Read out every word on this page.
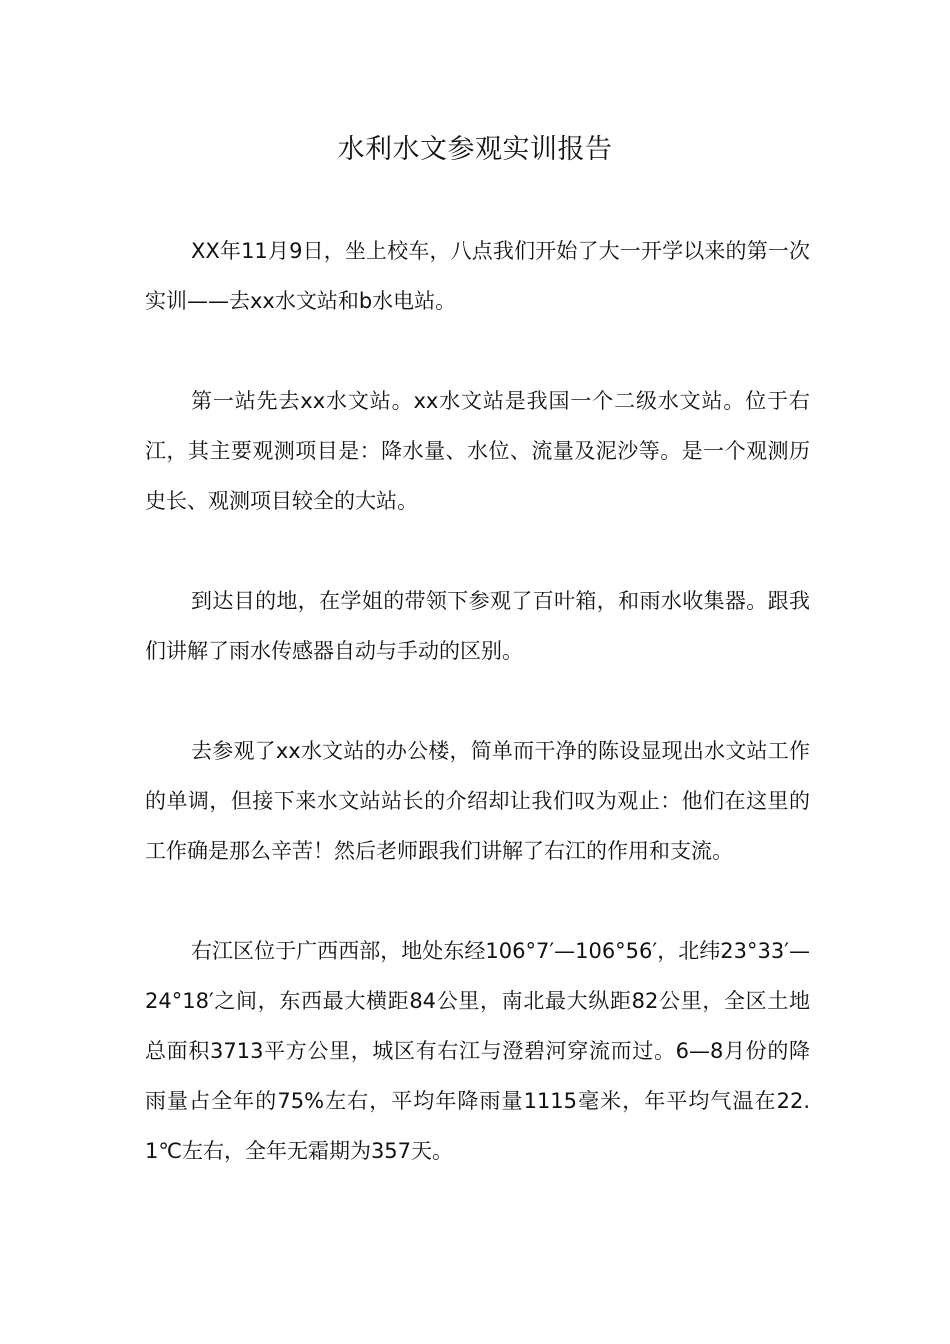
水利水文参观实训报告

XX年11月9日，坐上校车，八点我们开始了大一开学以来的第一次实训——去xx水文站和b水电站。

第一站先去xx水文站。xx水文站是我国一个二级水文站。位于右江，其主要观测项目是：降水量、水位、流量及泥沙等。是一个观测历史长、观测项目较全的大站。

到达目的地，在学姐的带领下参观了百叶箱，和雨水收集器。跟我们讲解了雨水传感器自动与手动的区别。

去参观了xx水文站的办公楼，简单而干净的陈设显现出水文站工作的单调，但接下来水文站站长的介绍却让我们叹为观止：他们在这里的工作确是那么辛苦！然后老师跟我们讲解了右江的作用和支流。

右江区位于广西西部，地处东经106°7′—106°56′，北纬23°33′—24°18′之间，东西最大横距84公里，南北最大纵距82公里，全区土地总面积3713平方公里，城区有右江与澄碧河穿流而过。6—8月份的降雨量占全年的75%左右，平均年降雨量1115毫米，年平均气温在22.1℃左右，全年无霜期为357天。
